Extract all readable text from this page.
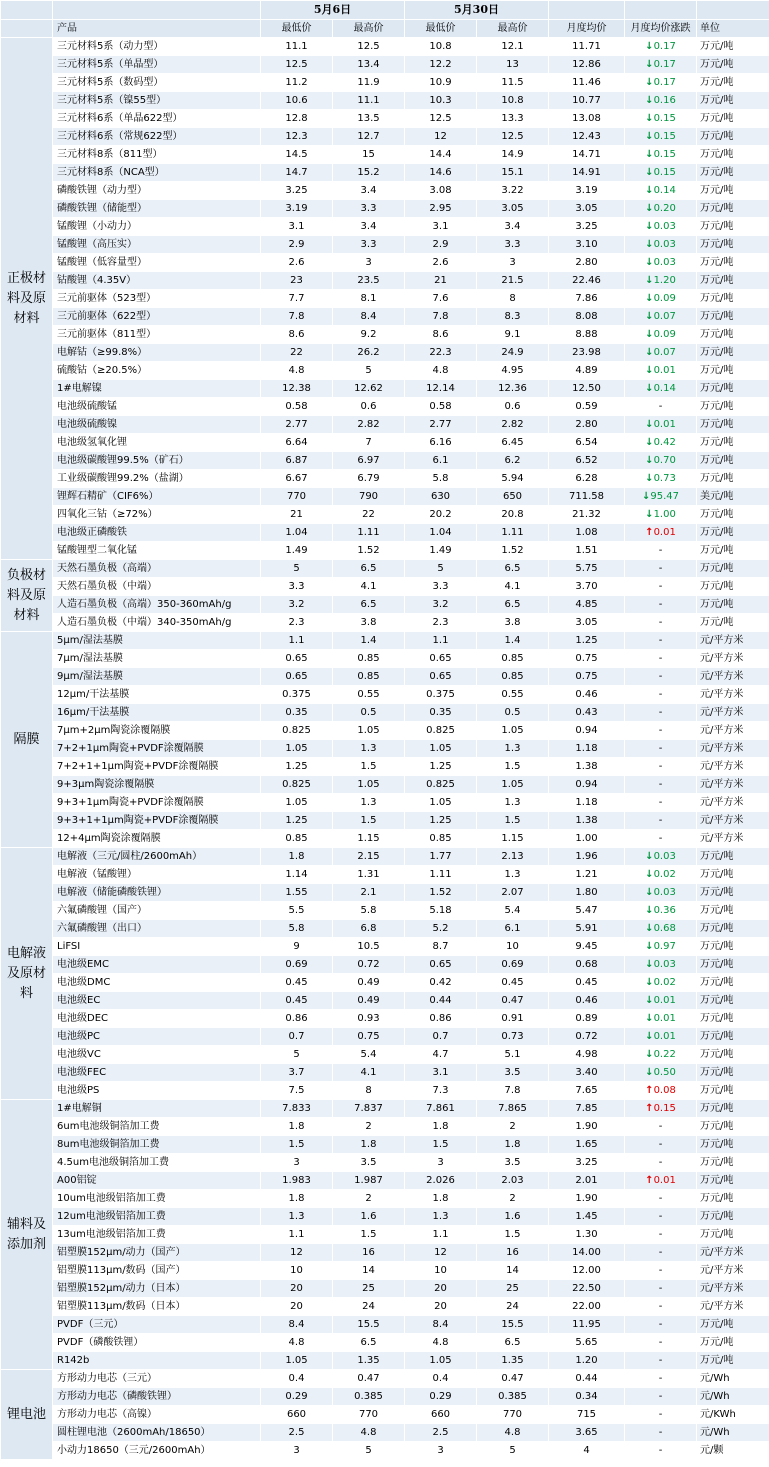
		5月6日		5月30日				
	产品	最低价	最高价	最低价	最高价	月度均价	月度均价涨跌	单位
正极材料及原材料	三元材料5系（动力型）	11.1	12.5	10.8	12.1	11.71	↓0.17	万元/吨
	三元材料5系（单晶型）	12.5	13.4	12.2	13	12.86	↓0.17	万元/吨
	三元材料5系（数码型）	11.2	11.9	10.9	11.5	11.46	↓0.17	万元/吨
	三元材料5系（镍55型）	10.6	11.1	10.3	10.8	10.77	↓0.16	万元/吨
	三元材料6系（单晶622型）	12.8	13.5	12.5	13.3	13.08	↓0.15	万元/吨
	三元材料6系（常规622型）	12.3	12.7	12	12.5	12.43	↓0.15	万元/吨
	三元材料8系（811型）	14.5	15	14.4	14.9	14.71	↓0.15	万元/吨
	三元材料8系（NCA型）	14.7	15.2	14.6	15.1	14.91	↓0.15	万元/吨
	磷酸铁锂（动力型）	3.25	3.4	3.08	3.22	3.19	↓0.14	万元/吨
	磷酸铁锂（储能型）	3.19	3.3	2.95	3.05	3.05	↓0.20	万元/吨
	锰酸锂（小动力）	3.1	3.4	3.1	3.4	3.25	↓0.03	万元/吨
	锰酸锂（高压实）	2.9	3.3	2.9	3.3	3.10	↓0.03	万元/吨
	锰酸锂（低容量型）	2.6	3	2.6	3	2.80	↓0.03	万元/吨
	钴酸锂（4.35V）	23	23.5	21	21.5	22.46	↓1.20	万元/吨
	三元前驱体（523型）	7.7	8.1	7.6	8	7.86	↓0.09	万元/吨
	三元前驱体（622型）	7.8	8.4	7.8	8.3	8.08	↓0.07	万元/吨
	三元前驱体（811型）	8.6	9.2	8.6	9.1	8.88	↓0.09	万元/吨
	电解钴（≥99.8%）	22	26.2	22.3	24.9	23.98	↓0.07	万元/吨
	硫酸钴（≥20.5%）	4.8	5	4.8	4.95	4.89	↓0.01	万元/吨
	1#电解镍	12.38	12.62	12.14	12.36	12.50	↓0.14	万元/吨
	电池级硫酸锰	0.58	0.6	0.58	0.6	0.59	-	万元/吨
	电池级硫酸镍	2.77	2.82	2.77	2.82	2.80	↓0.01	万元/吨
	电池级氢氧化锂	6.64	7	6.16	6.45	6.54	↓0.42	万元/吨
	电池级碳酸锂99.5%（矿石）	6.87	6.97	6.1	6.2	6.52	↓0.70	万元/吨
	工业级碳酸锂99.2%（盐湖）	6.67	6.79	5.8	5.94	6.28	↓0.73	万元/吨
	锂辉石精矿（CIF6%）	770	790	630	650	711.58	↓95.47	美元/吨
	四氧化三钴（≥72%）	21	22	20.2	20.8	21.32	↓1.00	万元/吨
	电池级正磷酸铁	1.04	1.11	1.04	1.11	1.08	↑0.01	万元/吨
	锰酸锂型二氧化锰	1.49	1.52	1.49	1.52	1.51	-	万元/吨
负极材料及原材料	天然石墨负极（高端）	5	6.5	5	6.5	5.75	-	万元/吨
	天然石墨负极（中端）	3.3	4.1	3.3	4.1	3.70	-	万元/吨
	人造石墨负极（高端）350-360mAh/g	3.2	6.5	3.2	6.5	4.85	-	万元/吨
	人造石墨负极（中端）340-350mAh/g	2.3	3.8	2.3	3.8	3.05	-	万元/吨
隔膜	5μm/湿法基膜	1.1	1.4	1.1	1.4	1.25	-	元/平方米
	7μm/湿法基膜	0.65	0.85	0.65	0.85	0.75	-	元/平方米
	9μm/湿法基膜	0.65	0.85	0.65	0.85	0.75	-	元/平方米
	12μm/干法基膜	0.375	0.55	0.375	0.55	0.46	-	元/平方米
	16μm/干法基膜	0.35	0.5	0.35	0.5	0.43	-	元/平方米
	7μm+2μm陶瓷涂覆隔膜	0.825	1.05	0.825	1.05	0.94	-	元/平方米
	7+2+1μm陶瓷+PVDF涂覆隔膜	1.05	1.3	1.05	1.3	1.18	-	元/平方米
	7+2+1+1μm陶瓷+PVDF涂覆隔膜	1.25	1.5	1.25	1.5	1.38	-	元/平方米
	9+3μm陶瓷涂覆隔膜	0.825	1.05	0.825	1.05	0.94	-	元/平方米
	9+3+1μm陶瓷+PVDF涂覆隔膜	1.05	1.3	1.05	1.3	1.18	-	元/平方米
	9+3+1+1μm陶瓷+PVDF涂覆隔膜	1.25	1.5	1.25	1.5	1.38	-	元/平方米
	12+4μm陶瓷涂覆隔膜	0.85	1.15	0.85	1.15	1.00	-	元/平方米
电解液及原材料	电解液（三元/圆柱/2600mAh）	1.8	2.15	1.77	2.13	1.96	↓0.03	万元/吨
	电解液（锰酸锂）	1.14	1.31	1.11	1.3	1.21	↓0.02	万元/吨
	电解液（储能磷酸铁锂）	1.55	2.1	1.52	2.07	1.80	↓0.03	万元/吨
	六氟磷酸锂（国产）	5.5	5.8	5.18	5.4	5.47	↓0.36	万元/吨
	六氟磷酸锂（出口）	5.8	6.8	5.2	6.1	5.91	↓0.68	万元/吨
	LiFSI	9	10.5	8.7	10	9.45	↓0.97	万元/吨
	电池级EMC	0.69	0.72	0.65	0.69	0.68	↓0.03	万元/吨
	电池级DMC	0.45	0.49	0.42	0.45	0.45	↓0.02	万元/吨
	电池级EC	0.45	0.49	0.44	0.47	0.46	↓0.01	万元/吨
	电池级DEC	0.86	0.93	0.86	0.91	0.89	↓0.01	万元/吨
	电池级PC	0.7	0.75	0.7	0.73	0.72	↓0.01	万元/吨
	电池级VC	5	5.4	4.7	5.1	4.98	↓0.22	万元/吨
	电池级FEC	3.7	4.1	3.1	3.5	3.40	↓0.50	万元/吨
	电池级PS	7.5	8	7.3	7.8	7.65	↑0.08	万元/吨
辅料及添加剂	1#电解铜	7.833	7.837	7.861	7.865	7.85	↑0.15	万元/吨
	6um电池级铜箔加工费	1.8	2	1.8	2	1.90	-	万元/吨
	8um电池级铜箔加工费	1.5	1.8	1.5	1.8	1.65	-	万元/吨
	4.5um电池级铜箔加工费	3	3.5	3	3.5	3.25	-	万元/吨
	A00铝锭	1.983	1.987	2.026	2.03	2.01	↑0.01	万元/吨
	10um电池级铝箔加工费	1.8	2	1.8	2	1.90	-	万元/吨
	12um电池级铝箔加工费	1.3	1.6	1.3	1.6	1.45	-	万元/吨
	13um电池级铝箔加工费	1.1	1.5	1.1	1.5	1.30	-	万元/吨
	铝塑膜152μm/动力（国产）	12	16	12	16	14.00	-	元/平方米
	铝塑膜113μm/数码（国产）	10	14	10	14	12.00	-	元/平方米
	铝塑膜152μm/动力（日本）	20	25	20	25	22.50	-	元/平方米
	铝塑膜113μm/数码（日本）	20	24	20	24	22.00	-	元/平方米
	PVDF（三元）	8.4	15.5	8.4	15.5	11.95	-	万元/吨
	PVDF（磷酸铁锂）	4.8	6.5	4.8	6.5	5.65	-	万元/吨
	R142b	1.05	1.35	1.05	1.35	1.20	-	万元/吨
锂电池	方形动力电芯（三元）	0.4	0.47	0.4	0.47	0.44	-	元/Wh
	方形动力电芯（磷酸铁锂）	0.29	0.385	0.29	0.385	0.34	-	元/Wh
	方形动力电芯（高镍）	660	770	660	770	715	-	元/KWh
	圆柱锂电池（2600mAh/18650）	2.5	4.8	2.5	4.8	3.65	-	元/Wh
	小动力18650（三元/2600mAh）	3	5	3	5	4	-	元/颗
